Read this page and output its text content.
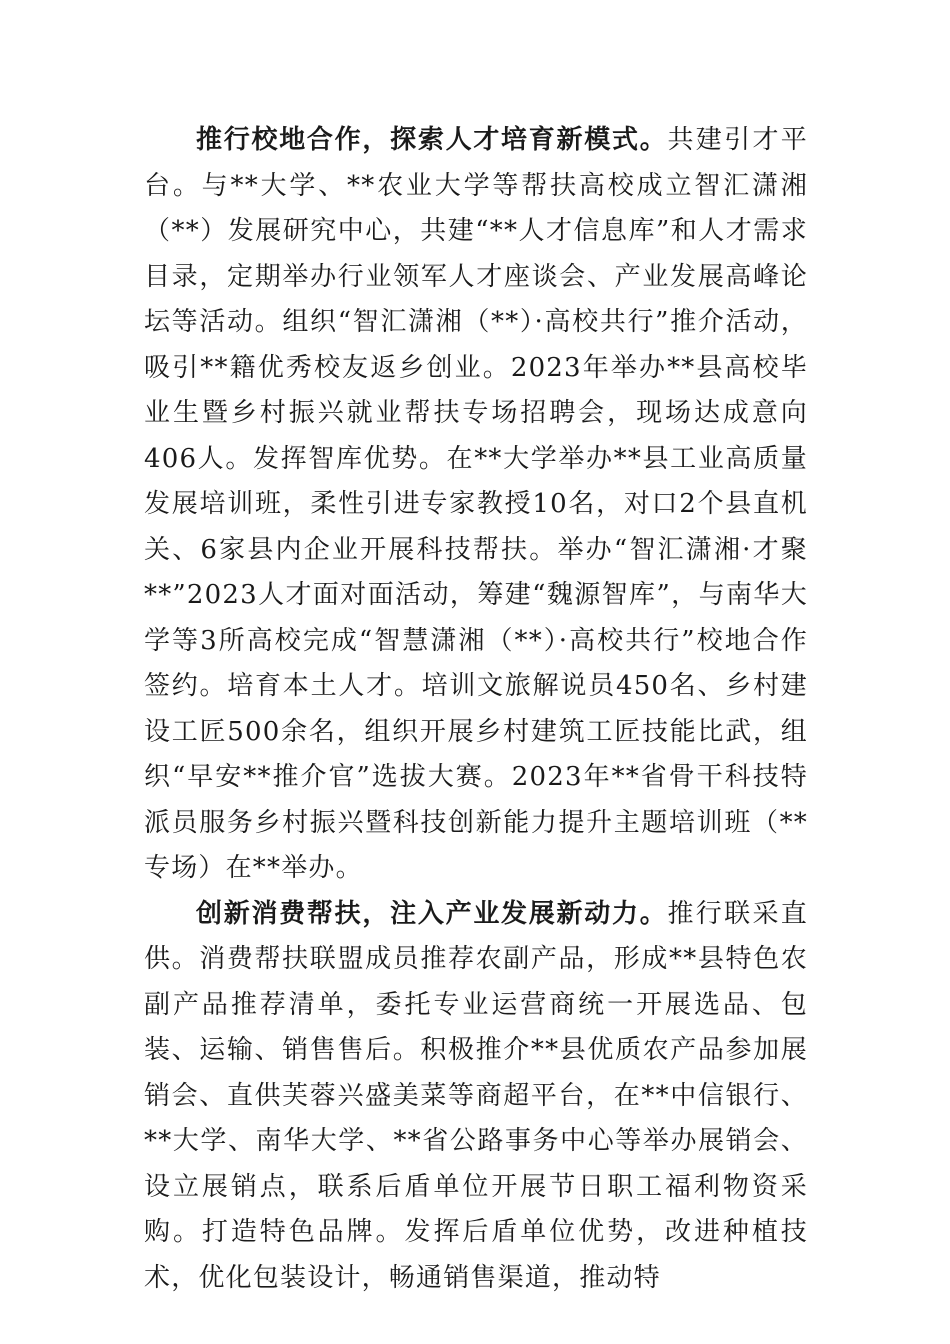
推行校地合作，探索人才培育新模式。共建引才平台。与**大学、**农业大学等帮扶高校成立智汇潇湘（**）发展研究中心，共建“**人才信息库”和人才需求目录，定期举办行业领军人才座谈会、产业发展高峰论坛等活动。组织“智汇潇湘（**）·高校共行”推介活动，吸引**籍优秀校友返乡创业。2023年举办**县高校毕业生暨乡村振兴就业帮扶专场招聘会，现场达成意向406人。发挥智库优势。在**大学举办**县工业高质量发展培训班，柔性引进专家教授10名，对口2个县直机关、6家县内企业开展科技帮扶。举办“智汇潇湘·才聚**”2023人才面对面活动，筹建“魏源智库”，与南华大学等3所高校完成“智慧潇湘（**）·高校共行”校地合作签约。培育本土人才。培训文旅解说员450名、乡村建设工匠500余名，组织开展乡村建筑工匠技能比武，组织“早安**推介官”选拔大赛。2023年**省骨干科技特派员服务乡村振兴暨科技创新能力提升主题培训班（**专场）在**举办。

创新消费帮扶，注入产业发展新动力。推行联采直供。消费帮扶联盟成员推荐农副产品，形成**县特色农副产品推荐清单，委托专业运营商统一开展选品、包装、运输、销售售后。积极推介**县优质农产品参加展销会、直供芙蓉兴盛美菜等商超平台，在**中信银行、**大学、南华大学、**省公路事务中心等举办展销会、设立展销点，联系后盾单位开展节日职工福利物资采购。打造特色品牌。发挥后盾单位优势，改进种植技术，优化包装设计，畅通销售渠道，推动特
